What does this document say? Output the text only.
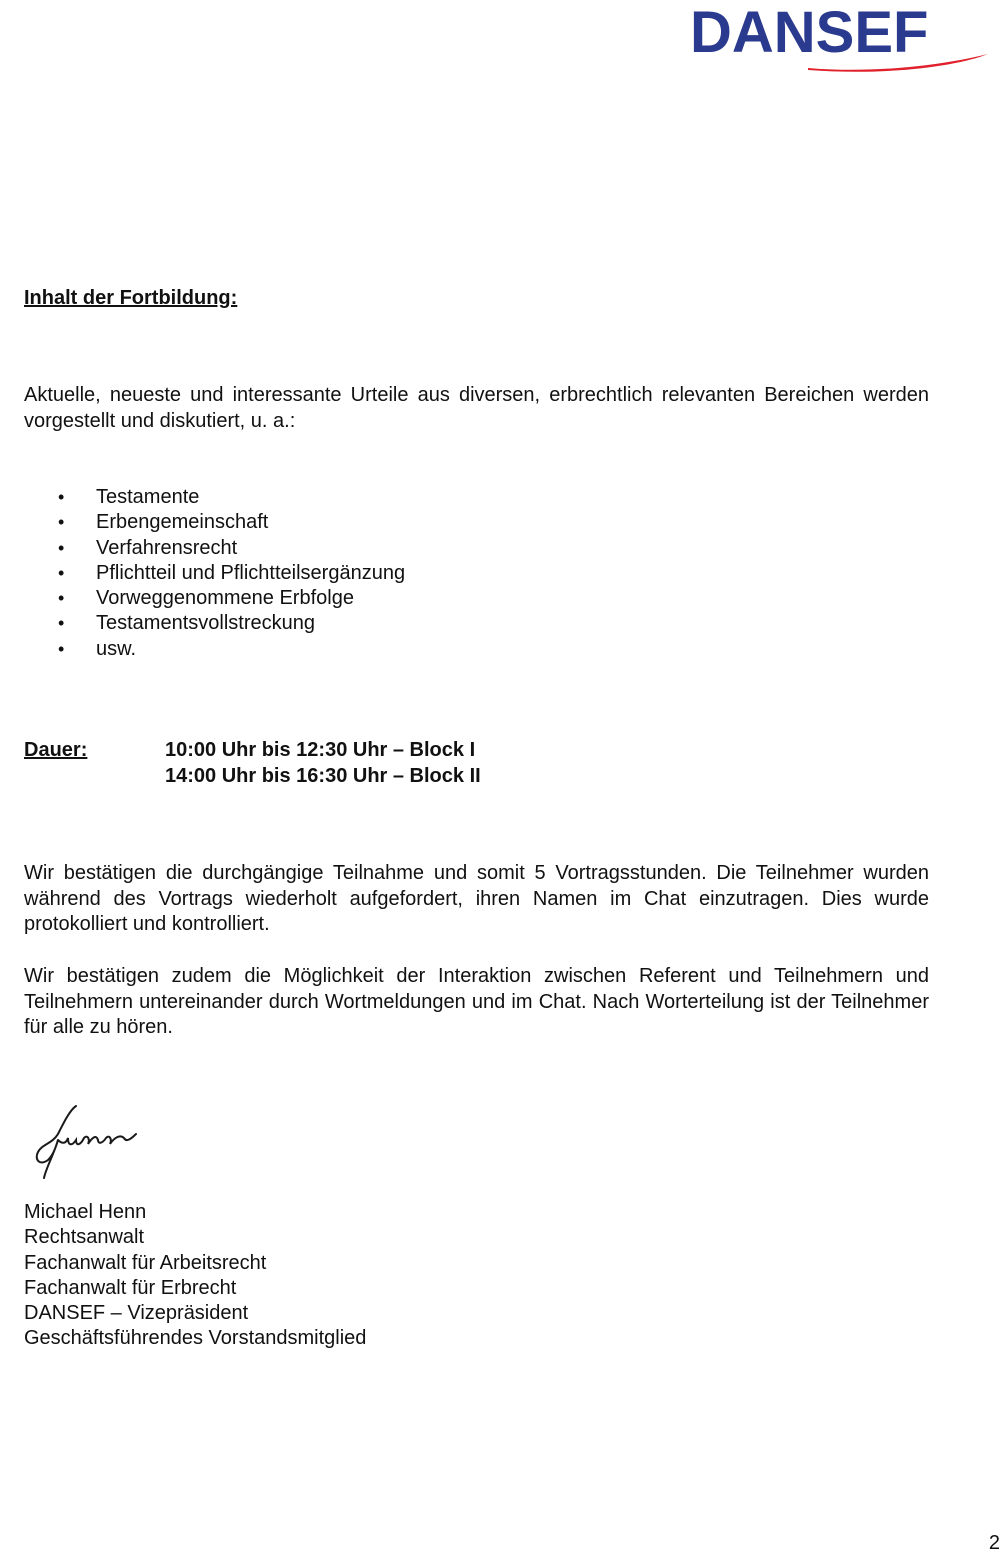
DANSEF
Inhalt der Fortbildung:

Aktuelle, neueste und interessante Urteile aus diversen, erbrechtlich relevanten Bereichen werden vorgestellt und diskutiert, u. a.:

• Testamente
• Erbengemeinschaft
• Verfahrensrecht
• Pflichtteil und Pflichtteilsergänzung
• Vorweggenommene Erbfolge
• Testamentsvollstreckung
• usw.
Dauer:	10:00 Uhr bis 12:30 Uhr – Block I
14:00 Uhr bis 16:30 Uhr – Block II

Wir bestätigen die durchgängige Teilnahme und somit 5 Vortragsstunden. Die Teilnehmer wurden während des Vortrags wiederholt aufgefordert, ihren Namen im Chat einzutragen. Dies wurde protokolliert und kontrolliert.

Wir bestätigen zudem die Möglichkeit der Interaktion zwischen Referent und Teilnehmern und Teilnehmern untereinander durch Wortmeldungen und im Chat. Nach Worterteilung ist der Teilnehmer für alle zu hören.

Michael Henn
Rechtsanwalt
Fachanwalt für Arbeitsrecht
Fachanwalt für Erbrecht
DANSEF – Vizepräsident
Geschäftsführendes Vorstandsmitglied
2
